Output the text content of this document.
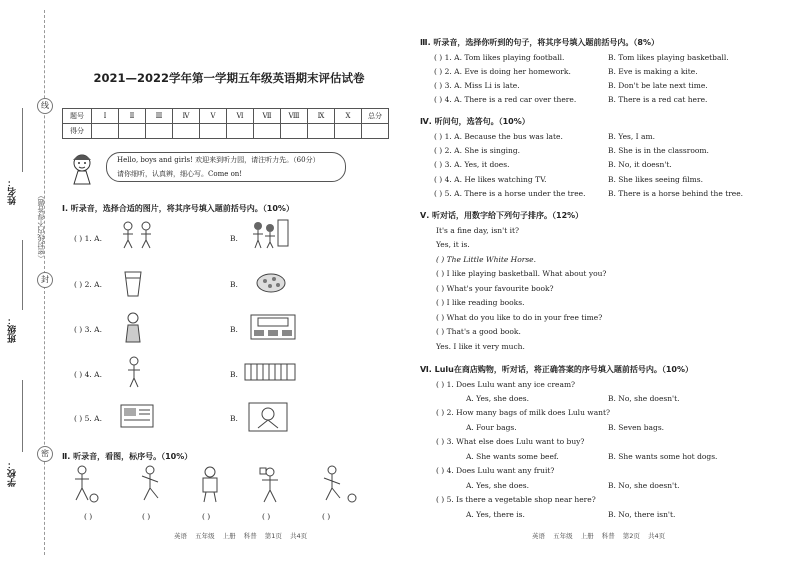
学校：
班级：
姓名：
线
（密封线内不得答题）
封
密
2021—2022学年第一学期五年级英语期末评估试卷
题号	Ⅰ	Ⅱ	Ⅲ	Ⅳ	Ⅴ	Ⅵ	Ⅶ	Ⅷ	Ⅸ	Ⅹ	总分
得分											
Hello, boys and girls! 欢迎来到听力园，请注听力先。（60分）
请你细听，认真辨，细心写。Come on!
Ⅰ. 听录音，选择合适的图片，将其序号填入题前括号内。（10%）
( ) 1. A.	B.
( ) 2. A.	B.
( ) 3. A.	B.
( ) 4. A.	B.
( ) 5. A.	B.
Ⅱ. 听录音，看图，标序号。（10%）
( )	( )	( )	( )	( )
英语 五年级 上册 科普 第1页 共4页
Ⅲ. 听录音，选择你听到的句子，将其序号填入题前括号内。（8%）
( ) 1. A. Tom likes playing football.	B. Tom likes playing basketball.
( ) 2. A. Eve is doing her homework.	B. Eve is making a kite.
( ) 3. A. Miss Li is late.	B. Don't be late next time.
( ) 4. A. There is a red car over there.	B. There is a red cat here.
Ⅳ. 听问句，选答句。（10%）
( ) 1. A. Because the bus was late.	B. Yes, I am.
( ) 2. A. She is singing.	B. She is in the classroom.
( ) 3. A. Yes, it does.	B. No, it doesn't.
( ) 4. A. He likes watching TV.	B. She likes seeing films.
( ) 5. A. There is a horse under the tree.	B. There is a horse behind the tree.
Ⅴ. 听对话，用数字给下列句子排序。（12%）
It's a fine day, isn't it?
Yes, it is.
( ) The Little White Horse.
( ) I like playing basketball. What about you?
( ) What's your favourite book?
( ) I like reading books.
( ) What do you like to do in your free time?
( ) That's a good book.
Yes. I like it very much.
Ⅵ. Lulu在商店购物，听对话，将正确答案的序号填入题前括号内。（10%）
( ) 1. Does Lulu want any ice cream?
A. Yes, she does.	B. No, she doesn't.
( ) 2. How many bags of milk does Lulu want?
A. Four bags.	B. Seven bags.
( ) 3. What else does Lulu want to buy?
A. She wants some beef.	B. She wants some hot dogs.
( ) 4. Does Lulu want any fruit?
A. Yes, she does.	B. No, she doesn't.
( ) 5. Is there a vegetable shop near here?
A. Yes, there is.	B. No, there isn't.
英语 五年级 上册 科普 第2页 共4页
